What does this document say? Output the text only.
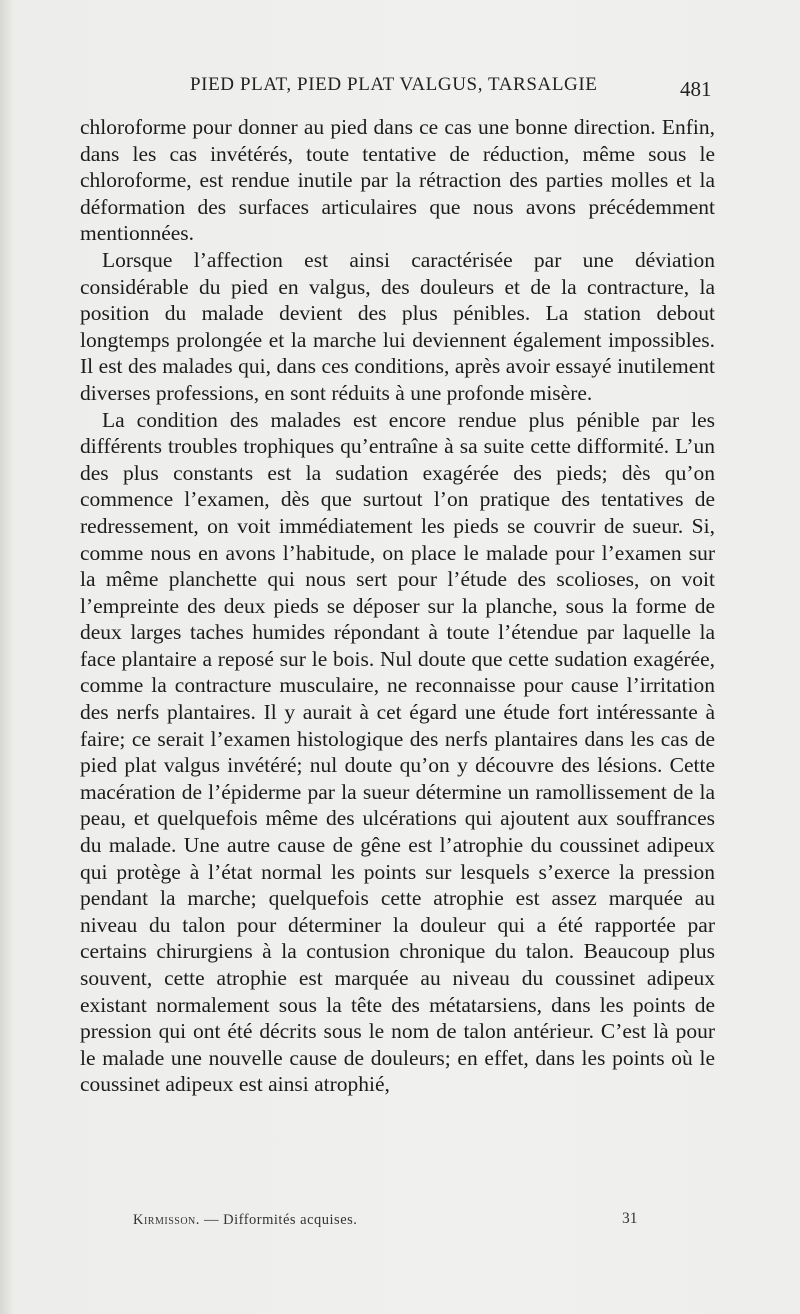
PIED PLAT, PIED PLAT VALGUS, TARSALGIE	481

chloroforme pour donner au pied dans ce cas une bonne direction. Enfin, dans les cas invétérés, toute tentative de réduction, même sous le chloroforme, est rendue inutile par la rétraction des parties molles et la déformation des surfaces articulaires que nous avons précédemment mentionnées.

Lorsque l’affection est ainsi caractérisée par une déviation considérable du pied en valgus, des douleurs et de la contracture, la position du malade devient des plus pénibles. La station debout longtemps prolongée et la marche lui deviennent également impossibles. Il est des malades qui, dans ces conditions, après avoir essayé inutilement diverses professions, en sont réduits à une profonde misère.

La condition des malades est encore rendue plus pénible par les différents troubles trophiques qu’entraîne à sa suite cette difformité. L’un des plus constants est la sudation exagérée des pieds; dès qu’on commence l’examen, dès que surtout l’on pratique des tentatives de redressement, on voit immédiatement les pieds se couvrir de sueur. Si, comme nous en avons l’habitude, on place le malade pour l’examen sur la même planchette qui nous sert pour l’étude des scolioses, on voit l’empreinte des deux pieds se déposer sur la planche, sous la forme de deux larges taches humides répondant à toute l’étendue par laquelle la face plantaire a reposé sur le bois. Nul doute que cette sudation exagérée, comme la contracture musculaire, ne reconnaisse pour cause l’irritation des nerfs plantaires. Il y aurait à cet égard une étude fort intéressante à faire; ce serait l’examen histologique des nerfs plantaires dans les cas de pied plat valgus invétéré; nul doute qu’on y découvre des lésions. Cette macération de l’épiderme par la sueur détermine un ramollissement de la peau, et quelquefois même des ulcérations qui ajoutent aux souffrances du malade. Une autre cause de gêne est l’atrophie du coussinet adipeux qui protège à l’état normal les points sur lesquels s’exerce la pression pendant la marche; quelquefois cette atrophie est assez marquée au niveau du talon pour déterminer la douleur qui a été rapportée par certains chirurgiens à la contusion chronique du talon. Beaucoup plus souvent, cette atrophie est marquée au niveau du coussinet adipeux existant normalement sous la tête des métatarsiens, dans les points de pression qui ont été décrits sous le nom de talon antérieur. C’est là pour le malade une nouvelle cause de douleurs; en effet, dans les points où le coussinet adipeux est ainsi atrophié,

Kirmisson. — Difformités acquises.	31
